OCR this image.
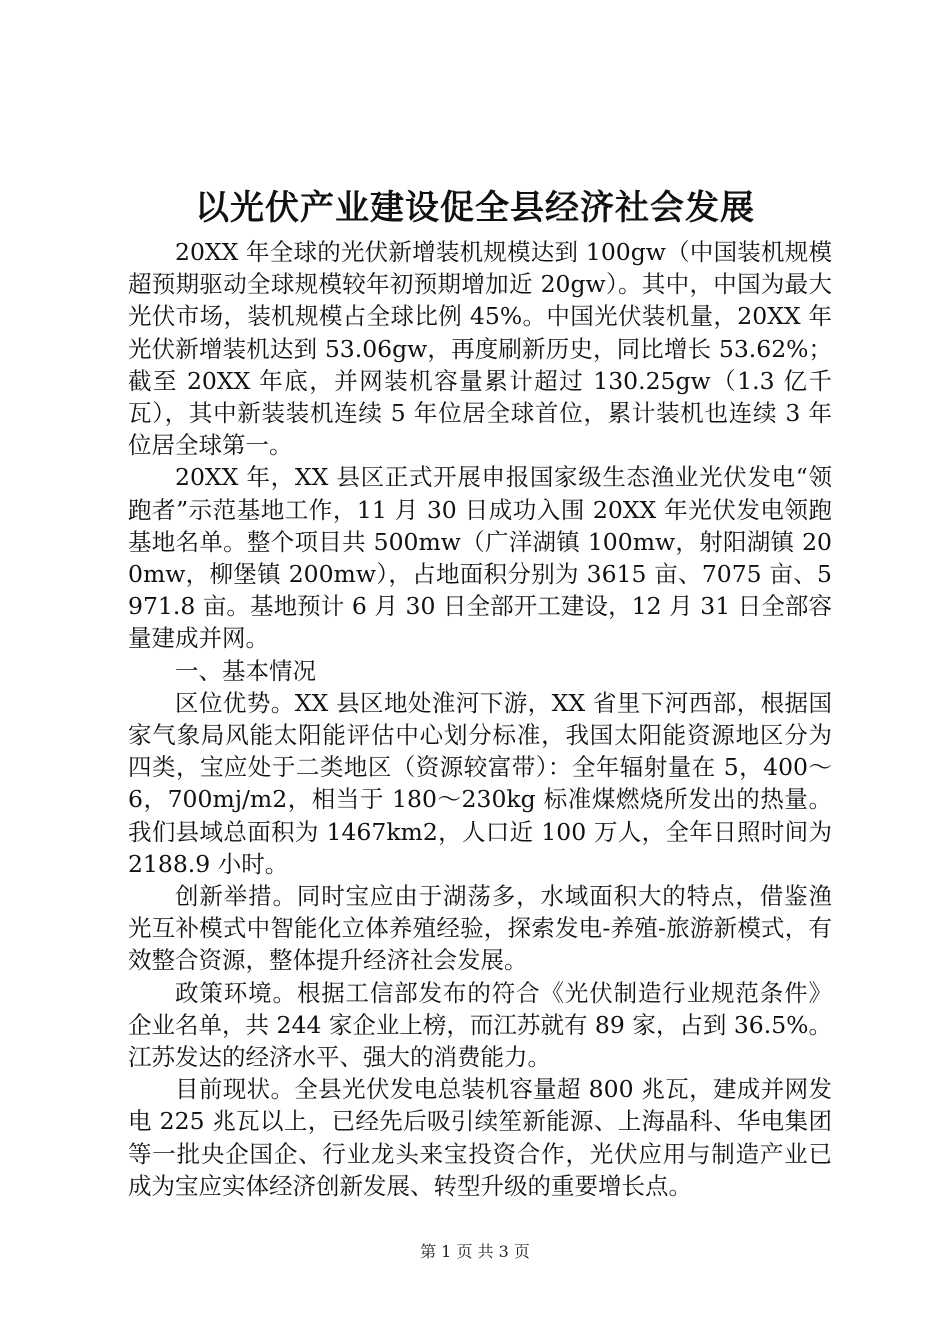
以光伏产业建设促全县经济社会发展

20XX 年全球的光伏新增装机规模达到 100gw（中国装机规模超预期驱动全球规模较年初预期增加近 20gw）。其中，中国为最大光伏市场，装机规模占全球比例 45%。中国光伏装机量，20XX 年光伏新增装机达到 53.06gw，再度刷新历史，同比增长 53.62%；截至 20XX 年底，并网装机容量累计超过 130.25gw（1.3 亿千瓦），其中新装装机连续 5 年位居全球首位，累计装机也连续 3 年位居全球第一。

20XX 年，XX 县区正式开展申报国家级生态渔业光伏发电“领跑者”示范基地工作，11 月 30 日成功入围 20XX 年光伏发电领跑基地名单。整个项目共 500mw（广洋湖镇 100mw，射阳湖镇 200mw，柳堡镇 200mw），占地面积分别为 3615 亩、7075 亩、5971.8 亩。基地预计 6 月 30 日全部开工建设，12 月 31 日全部容量建成并网。

一、基本情况

区位优势。XX 县区地处淮河下游，XX 省里下河西部，根据国家气象局风能太阳能评估中心划分标准，我国太阳能资源地区分为四类，宝应处于二类地区（资源较富带）：全年辐射量在 5，400～6，700mj/m2，相当于 180～230kg 标准煤燃烧所发出的热量。我们县域总面积为 1467km2，人口近 100 万人，全年日照时间为 2188.9 小时。

创新举措。同时宝应由于湖荡多，水域面积大的特点，借鉴渔光互补模式中智能化立体养殖经验，探索发电-养殖-旅游新模式，有效整合资源，整体提升经济社会发展。

政策环境。根据工信部发布的符合《光伏制造行业规范条件》企业名单，共 244 家企业上榜，而江苏就有 89 家，占到 36.5%。江苏发达的经济水平、强大的消费能力。

目前现状。全县光伏发电总装机容量超 800 兆瓦，建成并网发电 225 兆瓦以上，已经先后吸引续笙新能源、上海晶科、华电集团等一批央企国企、行业龙头来宝投资合作，光伏应用与制造产业已成为宝应实体经济创新发展、转型升级的重要增长点。

第 1 页 共 3 页
